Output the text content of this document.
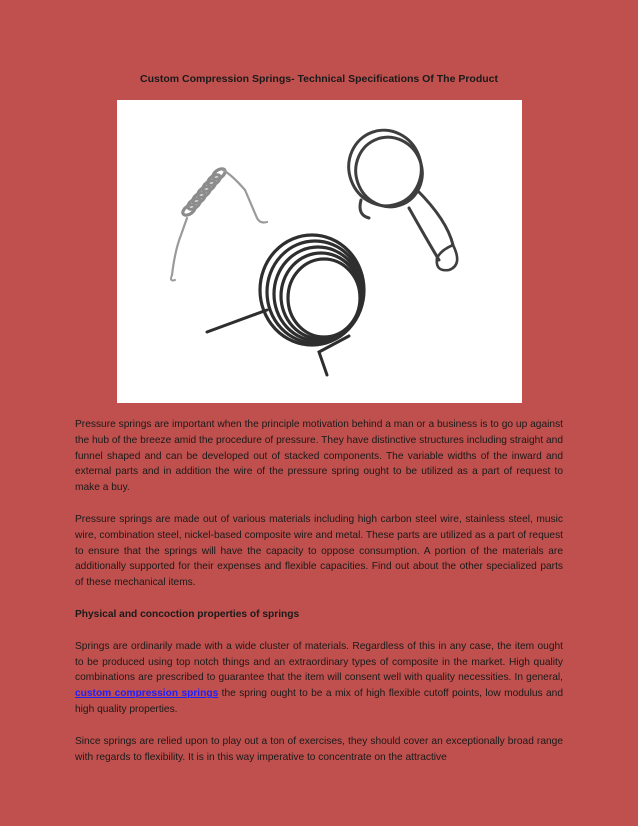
Custom Compression Springs- Technical Specifications Of The Product

Pressure springs are important when the principle motivation behind a man or a business is to go up against the hub of the breeze amid the procedure of pressure. They have distinctive structures including straight and funnel shaped and can be developed out of stacked components. The variable widths of the inward and external parts and in addition the wire of the pressure spring ought to be utilized as a part of request to make a buy.

Pressure springs are made out of various materials including high carbon steel wire, stainless steel, music wire, combination steel, nickel-based composite wire and metal. These parts are utilized as a part of request to ensure that the springs will have the capacity to oppose consumption. A portion of the materials are additionally supported for their expenses and flexible capacities. Find out about the other specialized parts of these mechanical items.

Physical and concoction properties of springs

Springs are ordinarily made with a wide cluster of materials. Regardless of this in any case, the item ought to be produced using top notch things and an extraordinary types of composite in the market. High quality combinations are prescribed to guarantee that the item will consent well with quality necessities. In general, custom compression springs the spring ought to be a mix of high flexible cutoff points, low modulus and high quality properties.

Since springs are relied upon to play out a ton of exercises, they should cover an exceptionally broad range with regards to flexibility. It is in this way imperative to concentrate on the attractive
